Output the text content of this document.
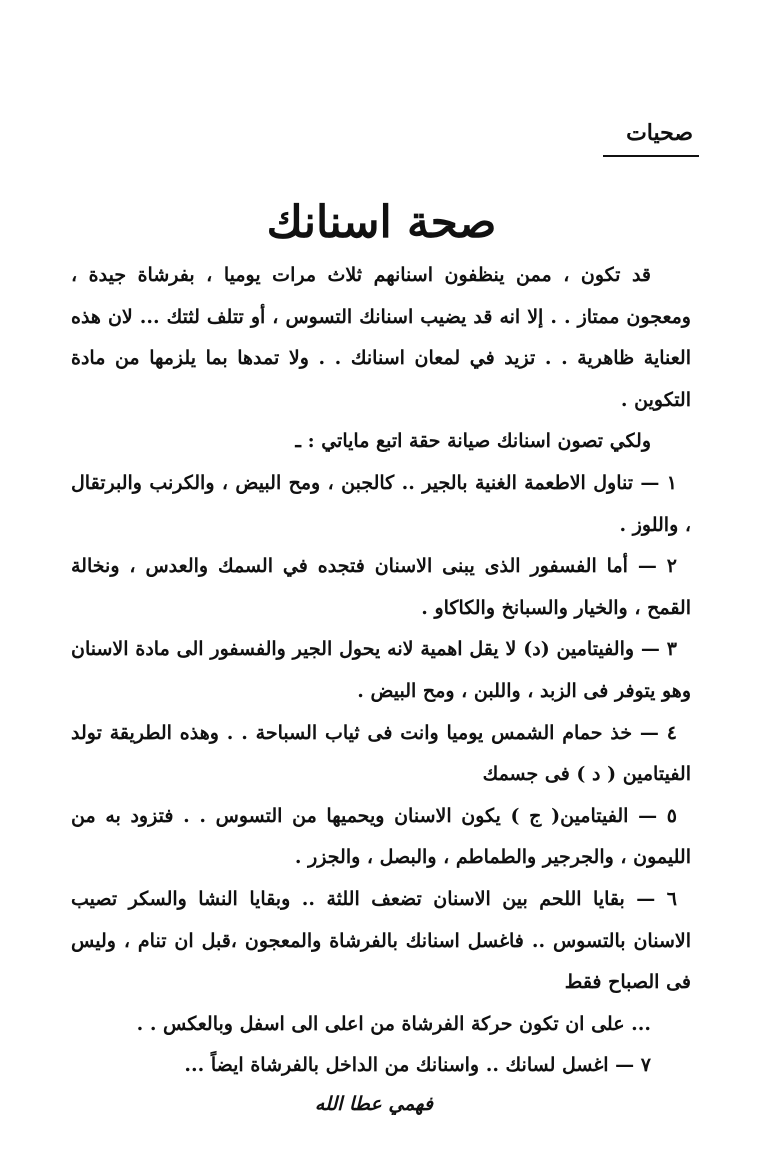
صحيات
صحة اسنانك

قد تكون ، ممن ينظفون اسنانهم ثلاث مرات يوميا ، بفرشاة جيدة ، ومعجون ممتاز . . إلا انه قد يضيب اسنانك التسوس ، أو تتلف لثتك ... لان هذه العناية ظاهرية . . تزيد في لمعان اسنانك . . ولا تمدها بما يلزمها من مادة التكوين .

ولكي تصون اسنانك صيانة حقة اتبع ماياتي : ـ

١ — تناول الاطعمة الغنية بالجير .. كالجبن ، ومح البيض ، والكرنب والبرتقال ، واللوز .

٢ — أما الفسفور الذى يبنى الاسنان فتجده في السمك والعدس ، ونخالة القمح ، والخيار والسبانخ والكاكاو .

٣ — والفيتامين (د) لا يقل اهمية لانه يحول الجير والفسفور الى مادة الاسنان وهو يتوفر فى الزبد ، واللبن ، ومح البيض .

٤ — خذ حمام الشمس يوميا وانت فى ثياب السباحة . . وهذه الطريقة تولد الفيتامين ( د ) فى جسمك

٥ — الفيتامين( ج ) يكون الاسنان ويحميها من التسوس . . فتزود به من الليمون ، والجرجير والطماطم ، والبصل ، والجزر .

٦ — بقايا اللحم بين الاسنان تضعف اللثة .. وبقايا النشا والسكر تصيب الاسنان بالتسوس .. فاغسل اسنانك بالفرشاة والمعجون ،قبل ان تنام ، وليس فى الصباح فقط

... على ان تكون حركة الفرشاة من اعلى الى اسفل وبالعكس . .

٧ — اغسل لسانك .. واسنانك من الداخل بالفرشاة ايضاً ...

فهمي عطا الله
